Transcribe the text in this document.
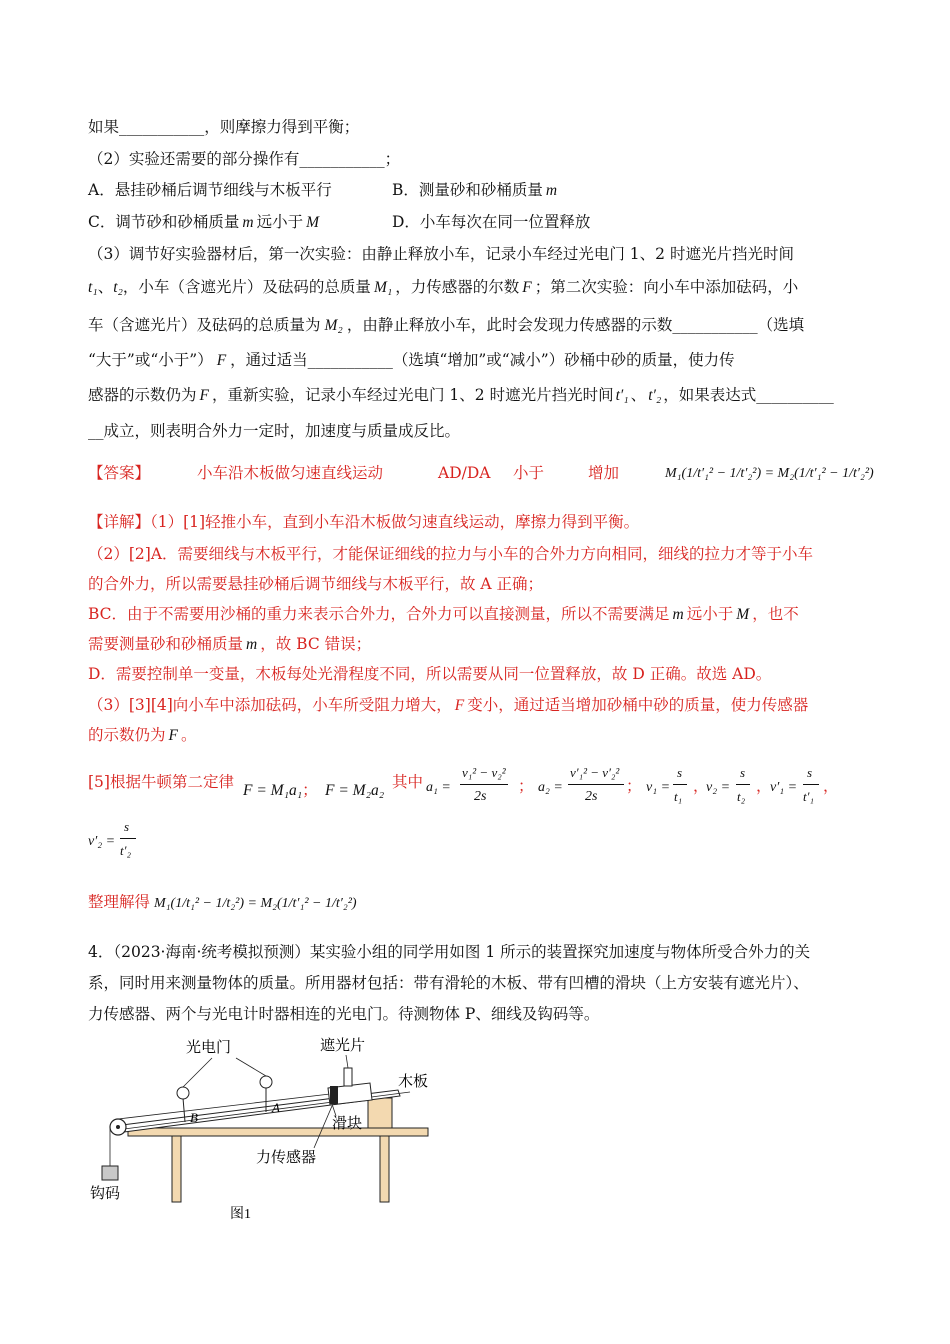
如果___________，则摩擦力得到平衡；
（2）实验还需要的部分操作有___________；
A．悬挂砂桶后调节细线与木板平行	B．测量砂和砂桶质量 m
C．调节砂和砂桶质量 m 远小于 M	D．小车每次在同一位置释放
（3）调节好实验器材后，第一次实验：由静止释放小车，记录小车经过光电门 1、2 时遮光片挡光时间
t₁、t₂，小车（含遮光片）及砝码的总质量 M₁ ，力传感器的尔数 F ；第二次实验：向小车中添加砝码，小
车（含遮光片）及砝码的总质量为 M₂ ，由静止释放小车，此时会发现力传感器的示数___________（选填
“大于”或“小于”） F ，通过适当___________（选填“增加”或“减小”）砂桶中砂的质量，使力传
感器的示数仍为 F ，重新实验，记录小车经过光电门 1、2 时遮光片挡光时间 t′₁ 、 t′₂ ，如果表达式__________
__成立，则表明合外力一定时，加速度与质量成反比。
【答案】	小车沿木板做匀速直线运动	AD/DA 小于	增加	M₁(1/t′₁² − 1/t′₂²) = M₂(1/t′₁² − 1/t′₂²)
【详解】（1）[1]轻推小车，直到小车沿木板做匀速直线运动，摩擦力得到平衡。
（2）[2]A．需要细线与木板平行，才能保证细线的拉力与小车的合外力方向相同，细线的拉力才等于小车
的合外力，所以需要悬挂砂桶后调节细线与木板平行，故 A 正确；
BC．由于不需要用沙桶的重力来表示合外力，合外力可以直接测量，所以不需要满足 m 远小于 M ，也不
需要测量砂和砂桶质量 m ，故 BC 错误；
D．需要控制单一变量，木板每处光滑程度不同，所以需要从同一位置释放，故 D 正确。故选 AD。
（3）[3][4]向小车中添加砝码，小车所受阻力增大， F 变小，通过适当增加砂桶中砂的质量，使力传感器
的示数仍为 F 。
[5]根据牛顿第二定律 F = M₁a₁； F = M₂a₂ 其中 a₁ =
v₁² − v₂²
2s
； a₂ =
v′₁² − v′₂²
2s
； v₁ =
s
t₁
，
v₂ =
s
t₂
，
v′₁ =
s
t′₁
，
v′₂ =
s
t′₂
整理解得 M₁(1/t₁² − 1/t₂²) = M₂(1/t′₁² − 1/t′₂²)
4．（2023·海南·统考模拟预测）某实验小组的同学用如图 1 所示的装置探究加速度与物体所受合外力的关
系，同时用来测量物体的质量。所用器材包括：带有滑轮的木板、带有凹槽的滑块（上方安装有遮光片）、
力传感器、两个与光电计时器相连的光电门。待测物体 P、细线及钩码等。
光电门	遮光片
木板
滑块
力传感器
钩码
B
A
图1
